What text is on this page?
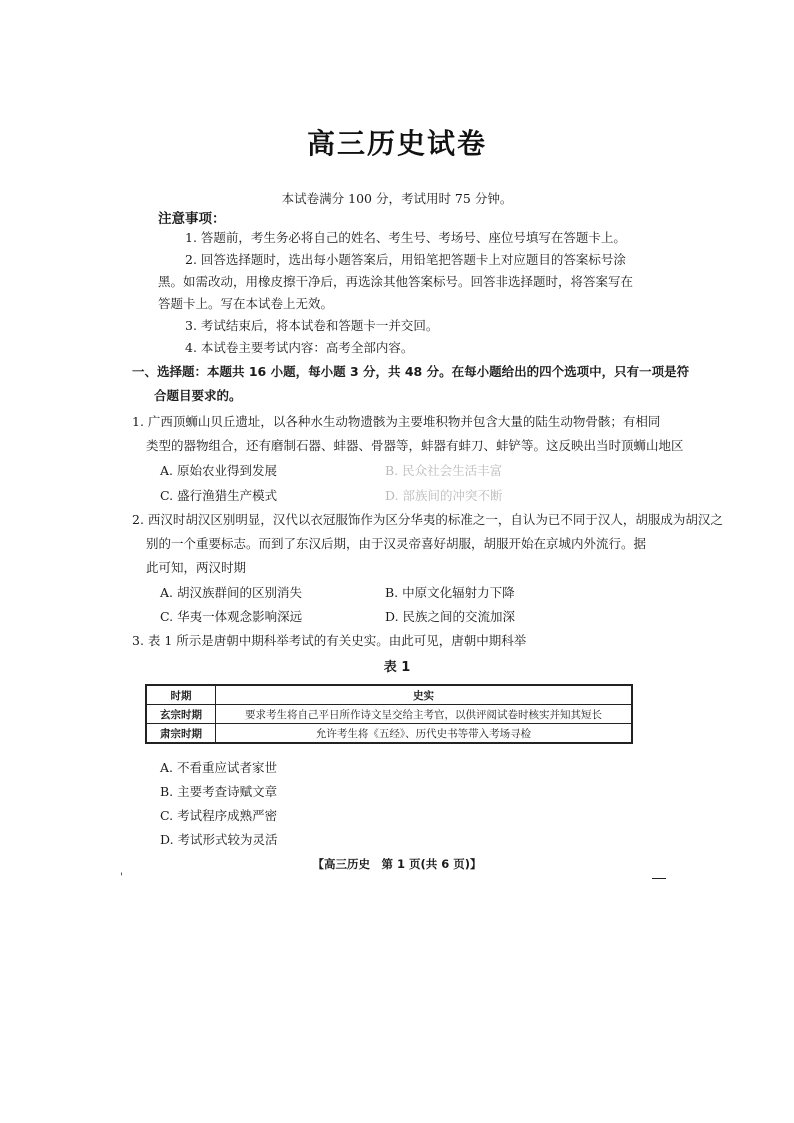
高三历史试卷
本试卷满分 100 分，考试用时 75 分钟。
注意事项：
1. 答题前，考生务必将自己的姓名、考生号、考场号、座位号填写在答题卡上。
2. 回答选择题时，选出每小题答案后，用铅笔把答题卡上对应题目的答案标号涂
黑。如需改动，用橡皮擦干净后，再选涂其他答案标号。回答非选择题时，将答案写在
答题卡上。写在本试卷上无效。
3. 考试结束后，将本试卷和答题卡一并交回。
4. 本试卷主要考试内容：高考全部内容。
一、选择题：本题共 16 小题，每小题 3 分，共 48 分。在每小题给出的四个选项中，只有一项是符
合题目要求的。
1. 广西顶蛳山贝丘遗址，以各种水生动物遗骸为主要堆积物并包含大量的陆生动物骨骸；有相同
类型的器物组合，还有磨制石器、蚌器、骨器等，蚌器有蚌刀、蚌铲等。这反映出当时顶蛳山地区
A. 原始农业得到发展	B. 民众社会生活丰富
C. 盛行渔猎生产模式	D. 部族间的冲突不断
2. 西汉时胡汉区别明显，汉代以衣冠服饰作为区分华夷的标准之一，自认为已不同于汉人，胡服成为胡汉之
别的一个重要标志。而到了东汉后期，由于汉灵帝喜好胡服，胡服开始在京城内外流行。据
此可知，两汉时期
A. 胡汉族群间的区别消失	B. 中原文化辐射力下降
C. 华夷一体观念影响深远	D. 民族之间的交流加深
3. 表 1 所示是唐朝中期科举考试的有关史实。由此可见，唐朝中期科举
表 1
时期	史实
玄宗时期	要求考生将自己平日所作诗文呈交给主考官，以供评阅试卷时核实并知其短长
肃宗时期	允许考生将《五经》、历代史书等带入考场寻检
A. 不看重应试者家世
B. 主要考查诗赋文章
C. 考试程序成熟严密
D. 考试形式较为灵活
【高三历史　第 1 页(共 6 页)】
'
